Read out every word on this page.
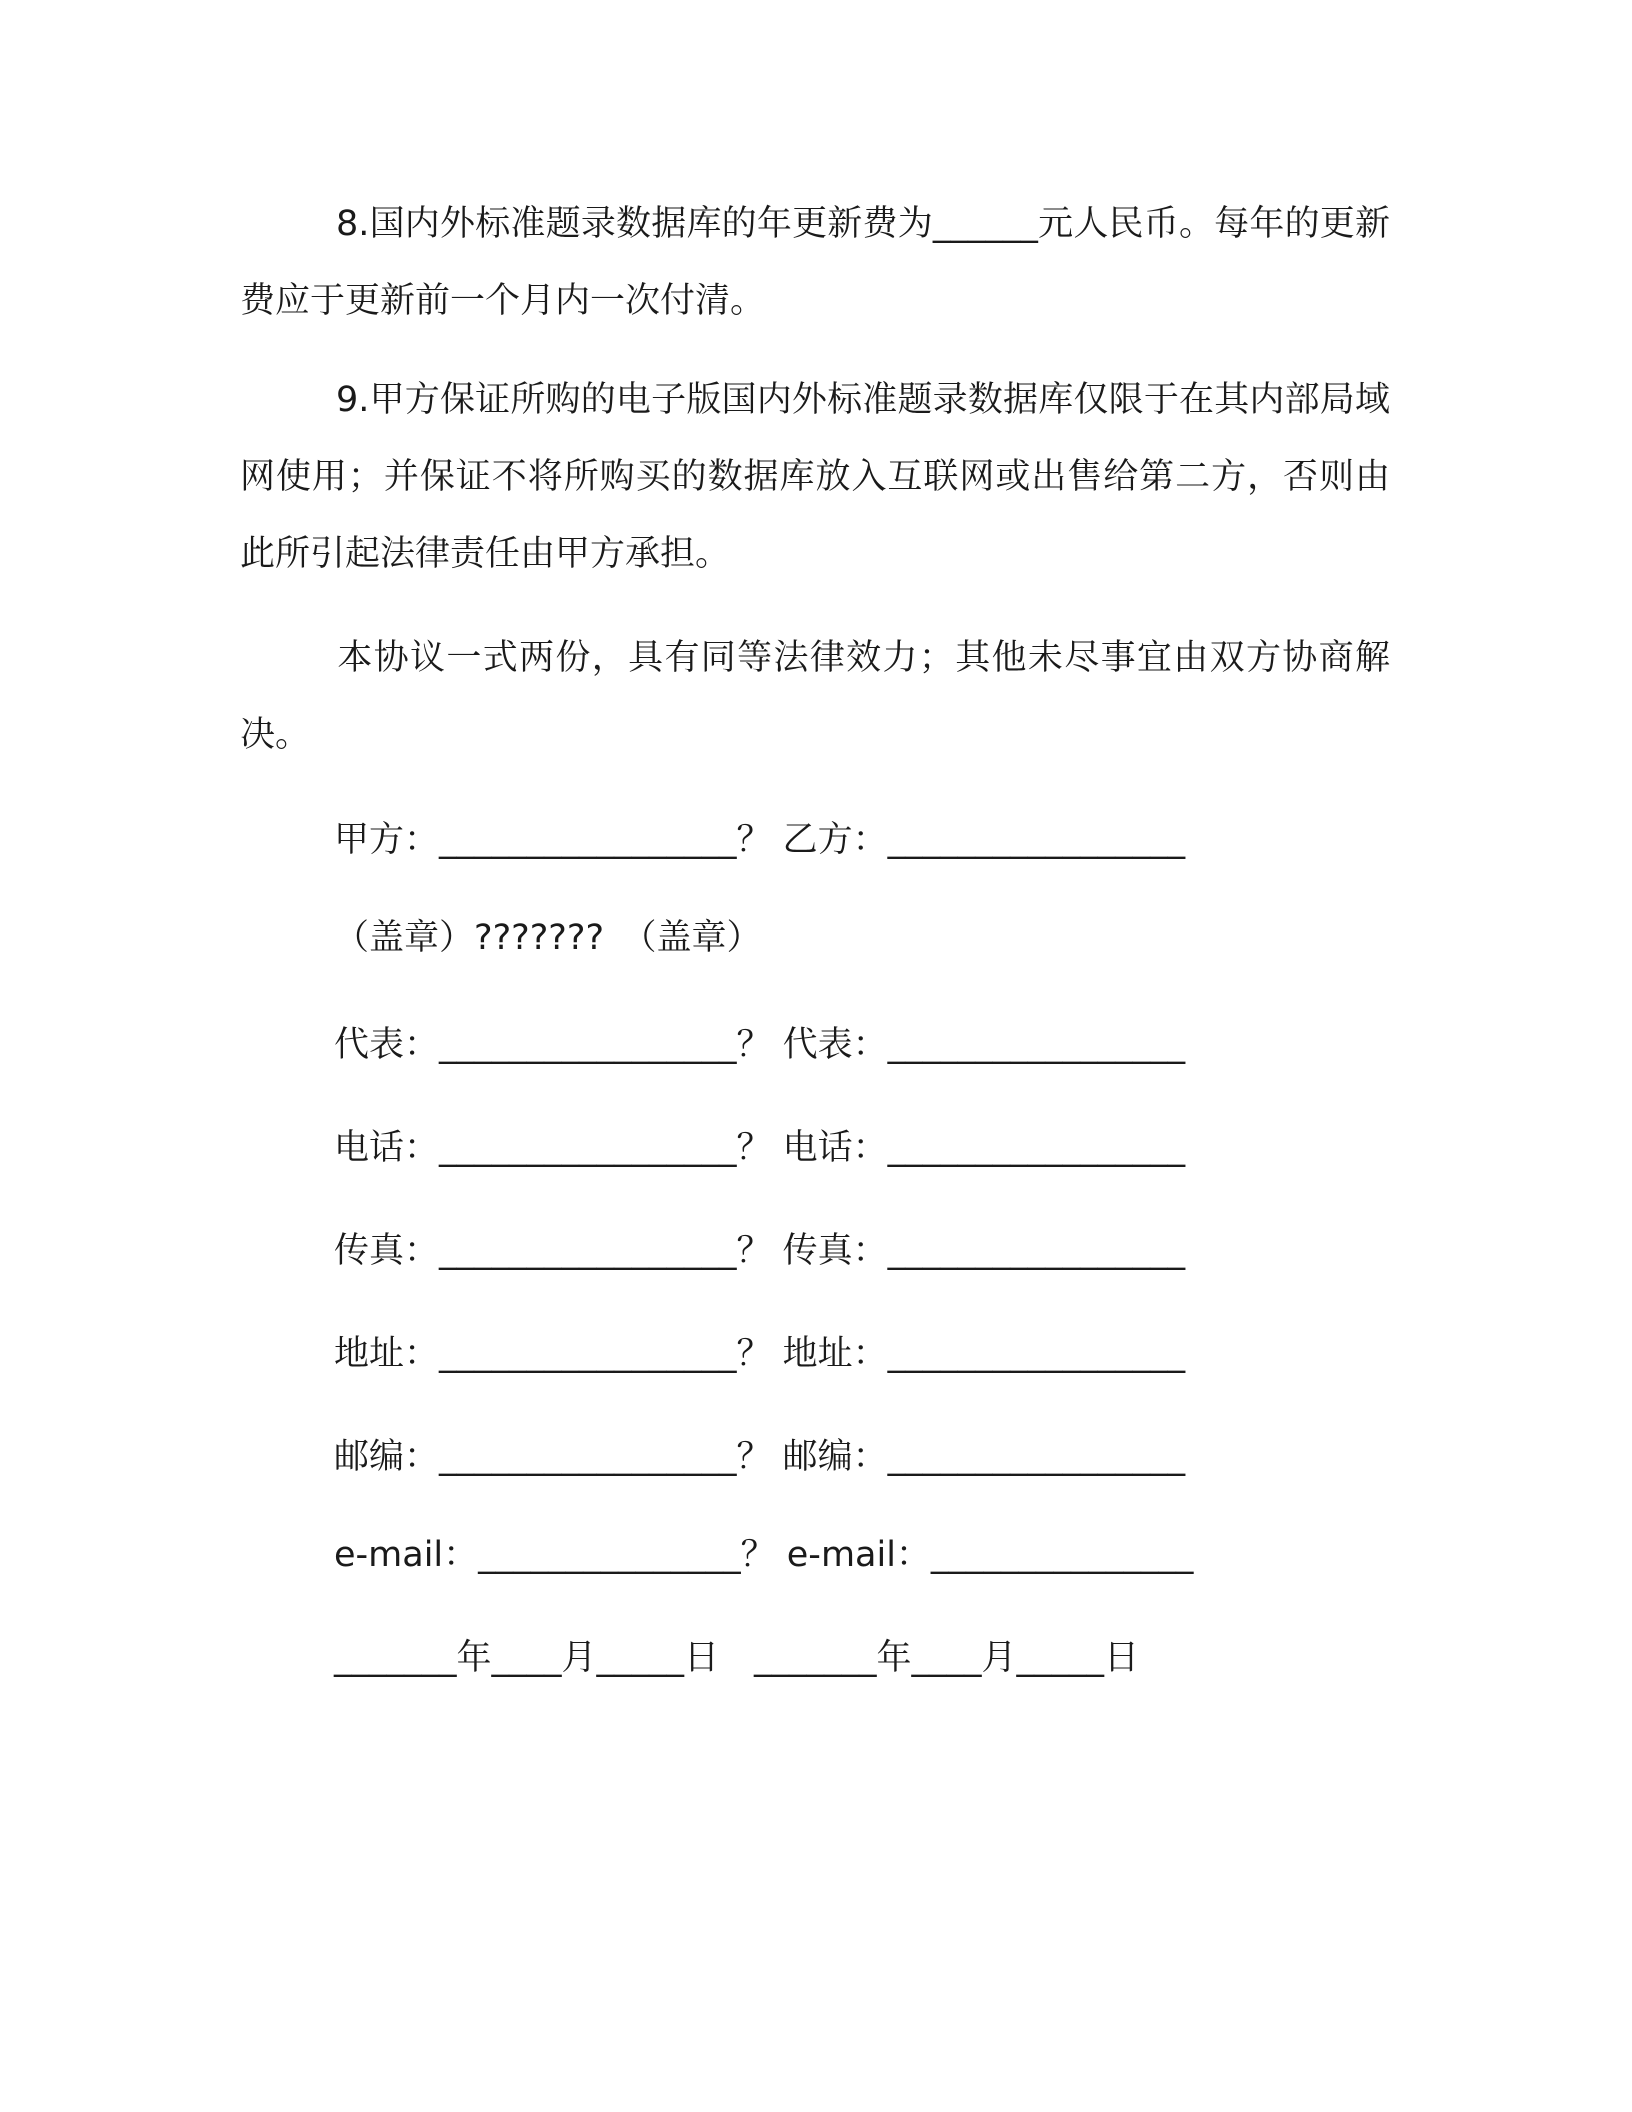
8.国内外标准题录数据库的年更新费为______元人民币。每年的更新费应于更新前一个月内一次付清。

9.甲方保证所购的电子版国内外标准题录数据库仅限于在其内部局域网使用；并保证不将所购买的数据库放入互联网或出售给第二方，否则由此所引起法律责任由甲方承担。

本协议一式两份，具有同等法律效力；其他未尽事宜由双方协商解决。

甲方：_________________？ 乙方：_________________
（盖章）???????　（盖章）
代表：_________________？ 代表：_________________
电话：_________________？ 电话：_________________
传真：_________________？ 传真：_________________
地址：_________________？ 地址：_________________
邮编：_________________？ 邮编：_________________
e-mail：_______________？ e-mail：_______________
_______年____月_____日　_______年____月_____日
